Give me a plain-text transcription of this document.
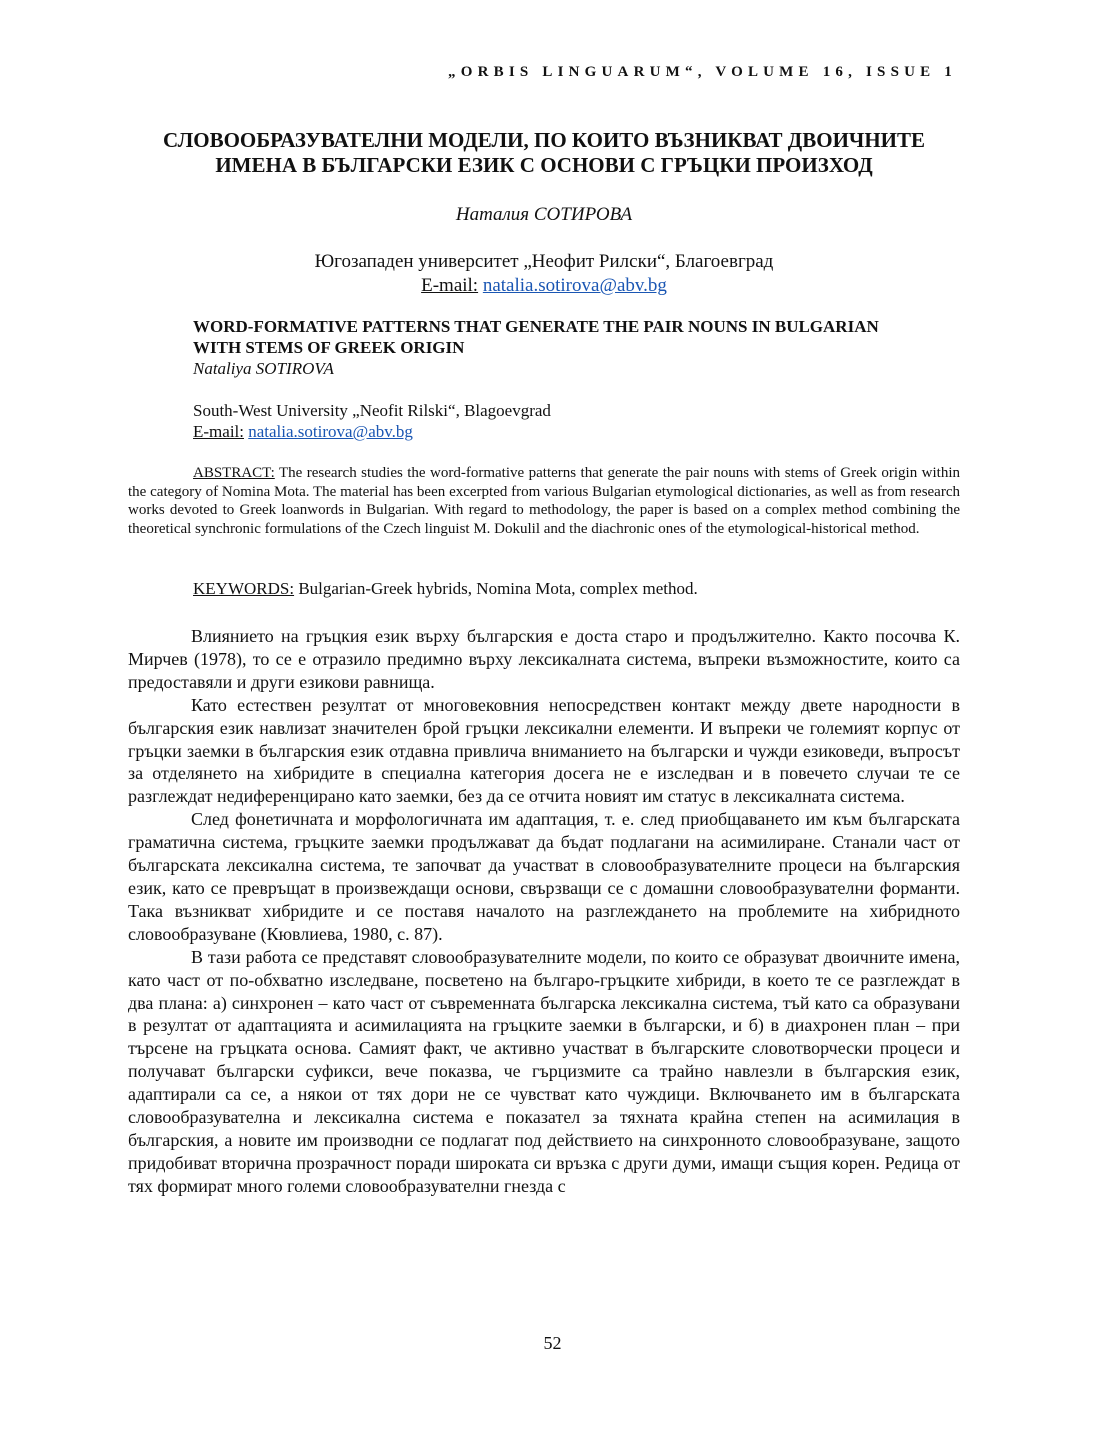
„ORBIS LINGUARUM“, VOLUME 16, ISSUE 1
СЛОВООБРАЗУВАТЕЛНИ МОДЕЛИ, ПО КОИТО ВЪЗНИКВАТ ДВОИЧНИТЕ
ИМЕНА В БЪЛГАРСКИ ЕЗИК С ОСНОВИ С ГРЪЦКИ ПРОИЗХОД
Наталия СОТИРОВА
Югозападен университет „Неофит Рилски“, Благоевград
E-mail: natalia.sotirova@abv.bg
WORD-FORMATIVE PATTERNS THAT GENERATE THE PAIR NOUNS IN BULGARIAN
WITH STEMS OF GREEK ORIGIN
Nataliya SOTIROVA
South-West University „Neofit Rilski“, Blagoevgrad
E-mail: natalia.sotirova@abv.bg
ABSTRACT: The research studies the word-formative patterns that generate the pair nouns with stems of Greek origin within the category of Nomina Mota. The material has been excerpted from various Bulgarian etymological dictionaries, as well as from research works devoted to Greek loanwords in Bulgarian. With regard to methodology, the paper is based on a complex method combining the theoretical synchronic formulations of the Czech linguist M. Dokulil and the diachronic ones of the etymological-historical method.
KEYWORDS: Bulgarian-Greek hybrids, Nomina Mota, complex method.

Влиянието на гръцкия език върху българския е доста старо и продължително. Както посочва К. Мирчев (1978), то се е отразило предимно върху лексикалната система, въпреки възможностите, които са предоставяли и други езикови равнища.

Като естествен резултат от многовековния непосредствен контакт между двете народности в българския език навлизат значителен брой гръцки лексикални елементи. И въпреки че големият корпус от гръцки заемки в българския език отдавна привлича вниманието на български и чужди езиковеди, въпросът за отделянето на хибридите в специална категория досега не е изследван и в повечето случаи те се разглеждат недиференцирано като заемки, без да се отчита новият им статус в лексикалната система.

След фонетичната и морфологичната им адаптация, т. е. след приобщаването им към българската граматична система, гръцките заемки продължават да бъдат подлагани на асимилиране. Станали част от българската лексикална система, те започват да участват в словообразувателните процеси на българския език, като се превръщат в произвеждащи основи, свързващи се с домашни словообразувателни форманти. Така възникват хибридите и се поставя началото на разглеждането на проблемите на хибридното словообразуване (Кювлиева, 1980, с. 87).

В тази работа се представят словообразувателните модели, по които се образуват двоичните имена, като част от по-обхватно изследване, посветено на българо-гръцките хибриди, в което те се разглеждат в два плана: а) синхронен – като част от съвременната българска лексикална система, тъй като са образувани в резултат от адаптацията и асимилацията на гръцките заемки в български, и б) в диахронен план – при търсене на гръцката основа. Самият факт, че активно участват в българските словотворчески процеси и получават български суфикси, вече показва, че гърцизмите са трайно навлезли в българския език, адаптирали са се, а някои от тях дори не се чувстват като чуждици. Включването им в българската словообразувателна и лексикална система е показател за тяхната крайна степен на асимилация в българския, а новите им производни се подлагат под действието на синхронното словообразуване, защото придобиват вторична прозрачност поради широката си връзка с други думи, имащи същия корен. Редица от тях формират много големи словообразувателни гнезда с

52
